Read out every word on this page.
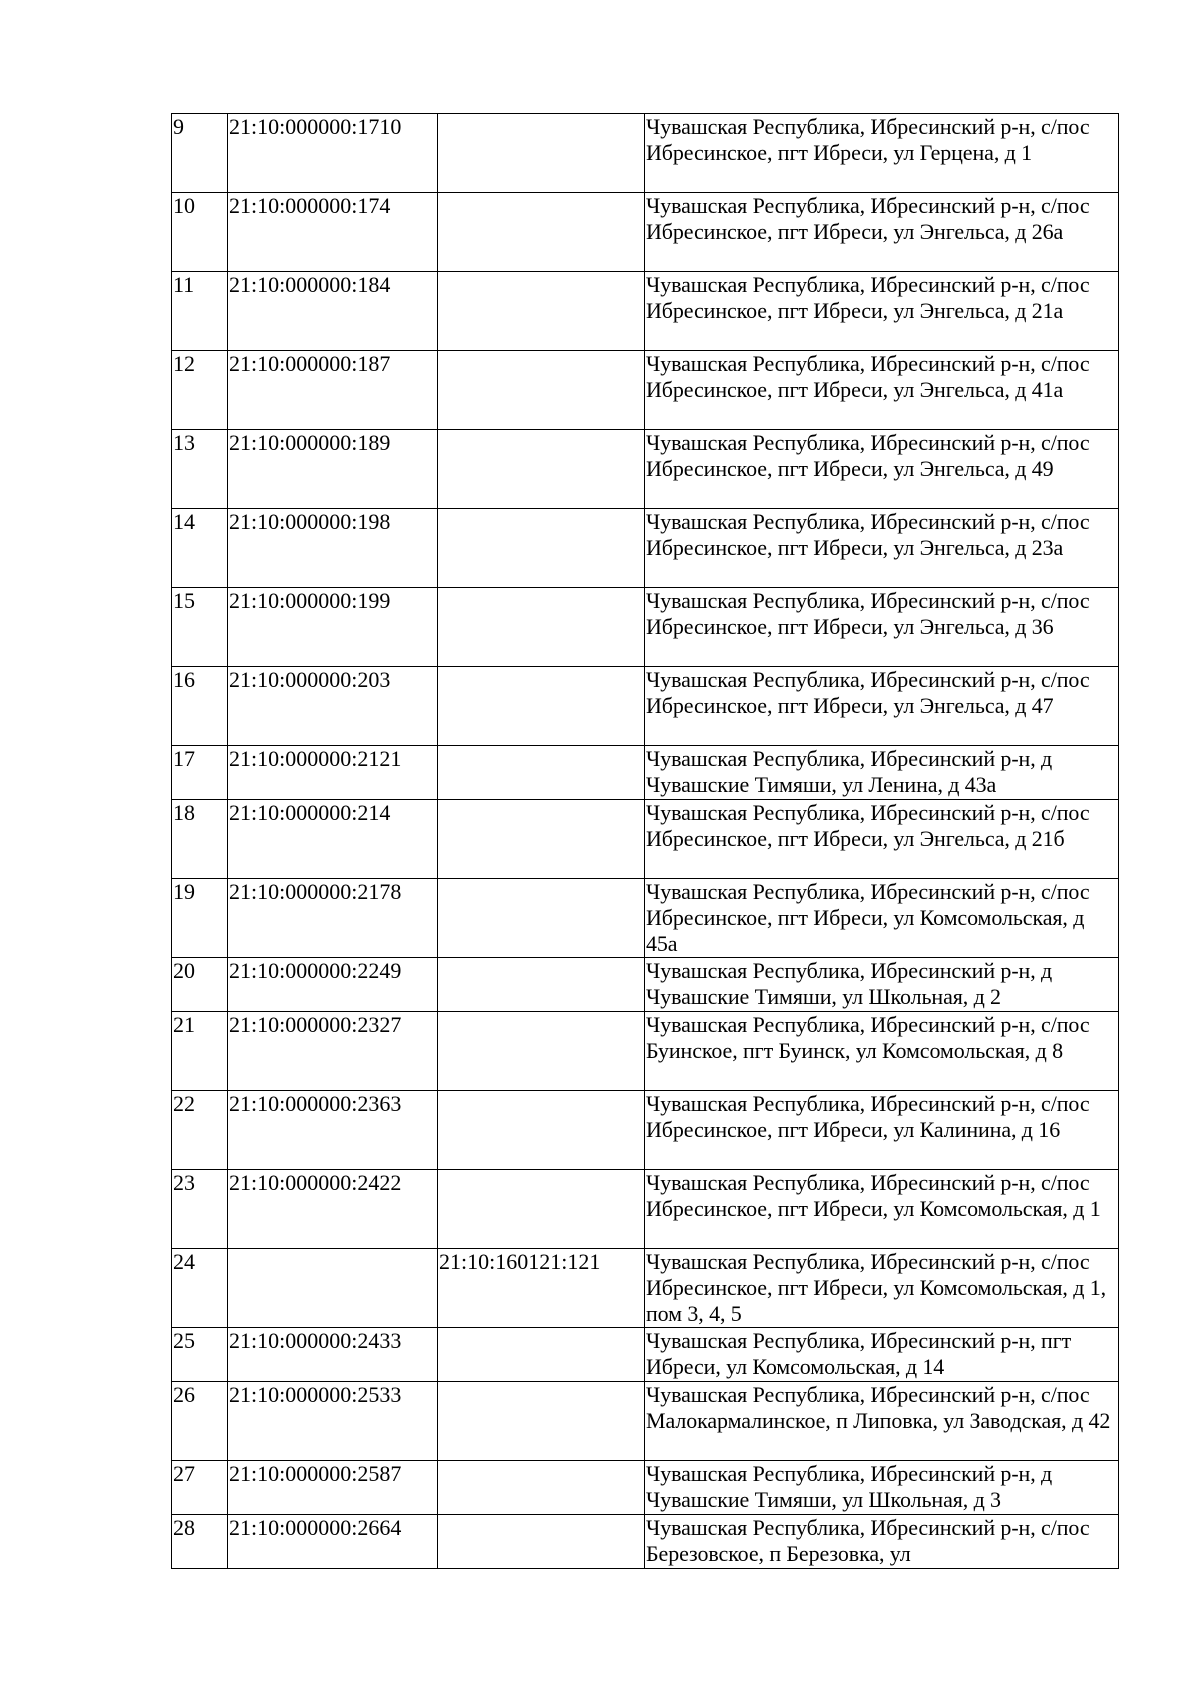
9	21:10:000000:1710		Чувашская Республика, Ибресинский р-н, с/пос Ибресинское, пгт Ибреси, ул Герцена, д 1
10	21:10:000000:174		Чувашская Республика, Ибресинский р-н, с/пос Ибресинское, пгт Ибреси, ул Энгельса, д 26а
11	21:10:000000:184		Чувашская Республика, Ибресинский р-н, с/пос Ибресинское, пгт Ибреси, ул Энгельса, д 21а
12	21:10:000000:187		Чувашская Республика, Ибресинский р-н, с/пос Ибресинское, пгт Ибреси, ул Энгельса, д 41а
13	21:10:000000:189		Чувашская Республика, Ибресинский р-н, с/пос Ибресинское, пгт Ибреси, ул Энгельса, д 49
14	21:10:000000:198		Чувашская Республика, Ибресинский р-н, с/пос Ибресинское, пгт Ибреси, ул Энгельса, д 23а
15	21:10:000000:199		Чувашская Республика, Ибресинский р-н, с/пос Ибресинское, пгт Ибреси, ул Энгельса, д 36
16	21:10:000000:203		Чувашская Республика, Ибресинский р-н, с/пос Ибресинское, пгт Ибреси, ул Энгельса, д 47
17	21:10:000000:2121		Чувашская Республика, Ибресинский р-н, д Чувашские Тимяши, ул Ленина, д 43а
18	21:10:000000:214		Чувашская Республика, Ибресинский р-н, с/пос Ибресинское, пгт Ибреси, ул Энгельса, д 21б
19	21:10:000000:2178		Чувашская Республика, Ибресинский р-н, с/пос Ибресинское, пгт Ибреси, ул Комсомольская, д 45а
20	21:10:000000:2249		Чувашская Республика, Ибресинский р-н, д Чувашские Тимяши, ул Школьная, д 2
21	21:10:000000:2327		Чувашская Республика, Ибресинский р-н, с/пос Буинское, пгт Буинск, ул Комсомольская, д 8
22	21:10:000000:2363		Чувашская Республика, Ибресинский р-н, с/пос Ибресинское, пгт Ибреси, ул Калинина, д 16
23	21:10:000000:2422		Чувашская Республика, Ибресинский р-н, с/пос Ибресинское, пгт Ибреси, ул Комсомольская, д 1
24		21:10:160121:121	Чувашская Республика, Ибресинский р-н, с/пос Ибресинское, пгт Ибреси, ул Комсомольская, д 1, пом 3, 4, 5
25	21:10:000000:2433		Чувашская Республика, Ибресинский р-н, пгт Ибреси, ул Комсомольская, д 14
26	21:10:000000:2533		Чувашская Республика, Ибресинский р-н, с/пос Малокармалинское, п Липовка, ул Заводская, д 42
27	21:10:000000:2587		Чувашская Республика, Ибресинский р-н, д Чувашские Тимяши, ул Школьная, д 3
28	21:10:000000:2664		Чувашская Республика, Ибресинский р-н, с/пос Березовское, п Березовка, ул
